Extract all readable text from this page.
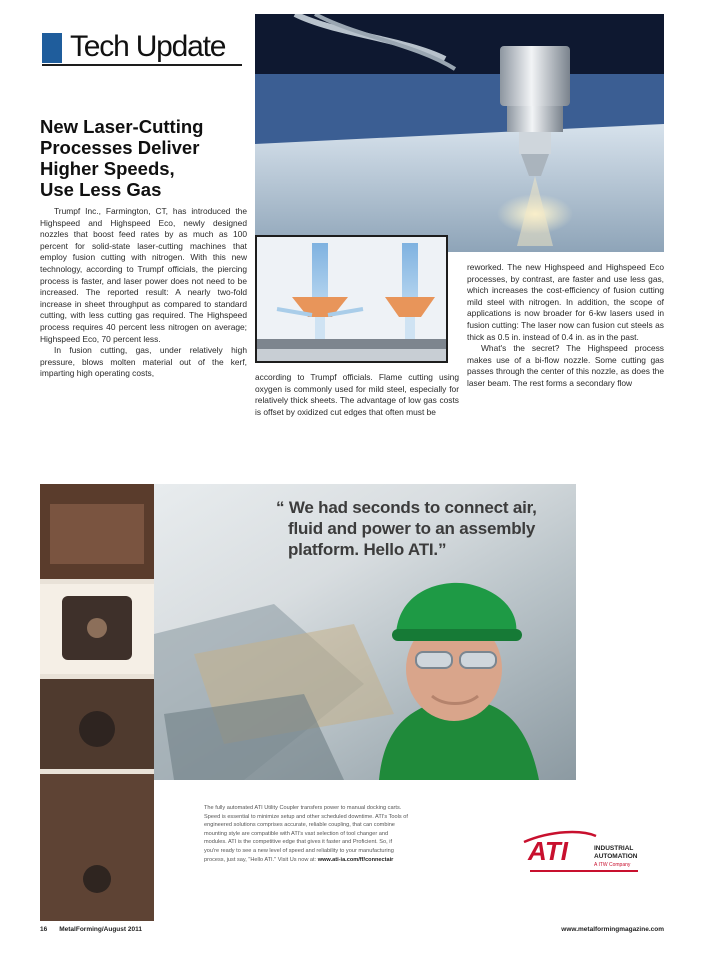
Tech Update
New Laser-Cutting
Processes Deliver
Higher Speeds,
Use Less Gas

Trumpf Inc., Farmington, CT, has introduced the Highspeed and Highspeed Eco, newly designed nozzles that boost feed rates by as much as 100 percent for solid-state laser-cutting machines that employ fusion cutting with nitrogen. With this new technology, according to Trumpf officials, the piercing process is faster, and laser power does not need to be increased. The reported result: A nearly two-fold increase in sheet throughput as compared to standard cutting, with less cutting gas required. The Highspeed process requires 40 percent less nitrogen on average; Highspeed Eco, 70 percent less.

In fusion cutting, gas, under relatively high pressure, blows molten material out of the kerf, imparting high operating costs,	according to Trumpf officials. Flame cutting using oxygen is commonly used for mild steel, especially for relatively thick sheets. The advantage of low gas costs is offset by oxidized cut edges that often must be

reworked. The new Highspeed and Highspeed Eco processes, by contrast, are faster and use less gas, which increases the cost-efficiency of fusion cutting mild steel with nitrogen. In addition, the scope of applications is now broader for 6-kw lasers used in fusion cutting: The laser now can fusion cut steels as thick as 0.5 in. instead of 0.4 in. as in the past.

What's the secret? The Highspeed process makes use of a bi-flow nozzle. Some cutting gas passes through the center of this nozzle, as does the laser beam. The rest forms a secondary flow

“ We had seconds to connect air,
fluid and power to an assembly
platform. Hello ATI.”
The fully automated ATI Utility Coupler transfers power to manual docking carts.
Speed is essential to minimize setup and other scheduled downtime. ATI's Tools of
engineered solutions comprises accurate, reliable coupling, that can combine
mounting style are compatible with ATI's vast selection of tool changer and
modules. ATI is the competitive edge that gives it faster and Proficient. So, if
you're ready to see a new level of speed and reliability to your manufacturing
process, just say, "Hello ATI." Visit Us now at: www.ati-ia.com/ff/connectair	ATI	INDUSTRIAL
AUTOMATION
A ITW Company
16 MetalForming/August 2011	www.metalformingmagazine.com
